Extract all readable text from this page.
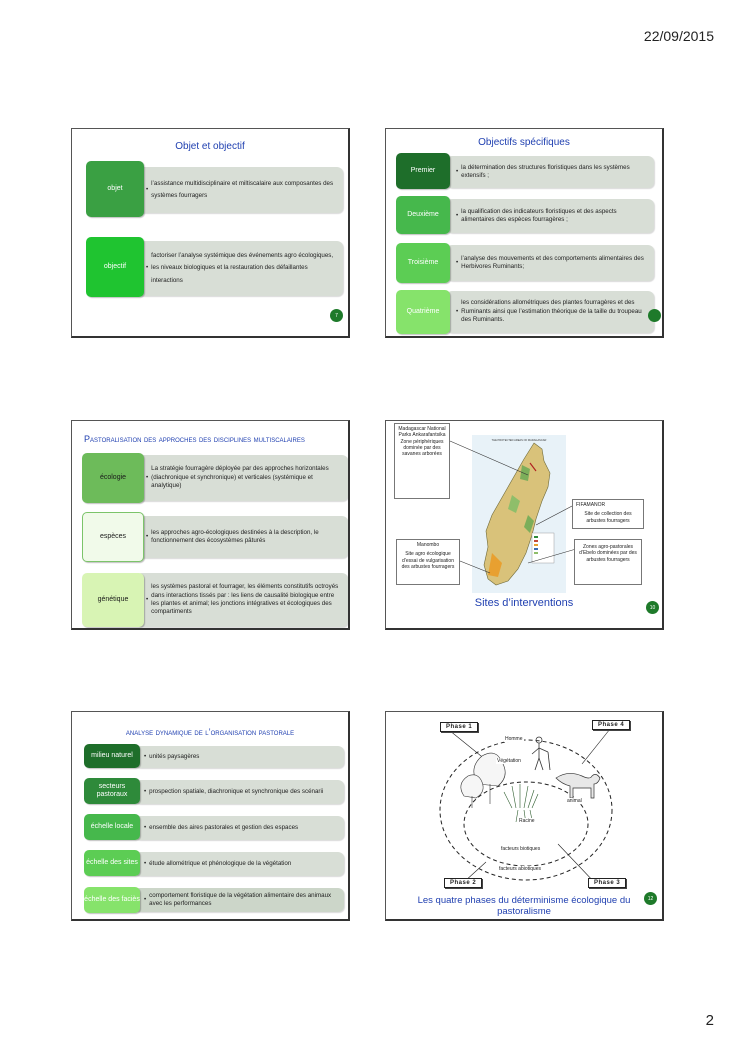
22/09/2015
Objet et objectif
•
l’assistance multidisciplinaire et miltiscalaire aux composantes des systèmes fourragers
objet
•
factoriser l’analyse systémique des événements agro écologiques, les niveaux biologiques et la restauration des défaillantes interactions
objectif
7
Objectifs spécifiques
•
la détermination des structures floristiques dans les systèmes extensifs ;
Premier
•
la qualification des indicateurs floristiques et des aspects alimentaires des espèces fourragères ;
Deuxième
•
l’analyse des mouvements et des comportements alimentaires des Herbivores Ruminants;
Troisième
•
les considérations allométriques des plantes fourragères et des Ruminants ainsi que l’estimation théorique de la taille du troupeau des Ruminants.
Quatrième
Pastoralisation des approches des disciplines multiscalaires
•
La stratégie fourragère déployée par des approches horizontales (diachronique et synchronique) et verticales (systémique et analytique)
écologie
•
les approches agro-écologiques destinées à la description, le fonctionnement des écosystèmes pâturés
espèces
•
les systèmes pastoral et fourrager, les éléments constitutifs octroyés dans interactions tissés par : les liens de causalité biologique entre les plantes et animal; les jonctions intégratives et écologiques des compartiments
génétique
THE PROTECTED AREAS OF MADAGASCAR
Madagascar National Parks Ankarafantsika Zone périphériques dominée par des savanes arborées
FIFAMANOR
Site de collection des arbustes fourragers
Manombo
Site agro écologique d’essai de vulgarisation des arbustes fourragers
Zones agro-pastorales d’Ebelo dominées par des arbustes fourragers
Sites d’interventions	10
analyse dynamique de l’organisation pastorale
• unités paysagères
milieu naturel
• prospection spatiale, diachronique et synchronique des scénarii
secteurs pastoraux
• ensemble des aires pastorales et gestion des espaces
échelle locale
• étude allométrique et phénologique de la végétation
échelle des sites
•
comportement floristique de la végétation alimentaire des animaux avec les performances
échelle des faciès
Phase 1	Phase 4
Phase 2	Phase 3
Homme
Végétation
animal
Racine
facteurs biotiques
facteurs abiotiques
Les quatre phases du déterminisme écologique du pastoralisme
12
2
